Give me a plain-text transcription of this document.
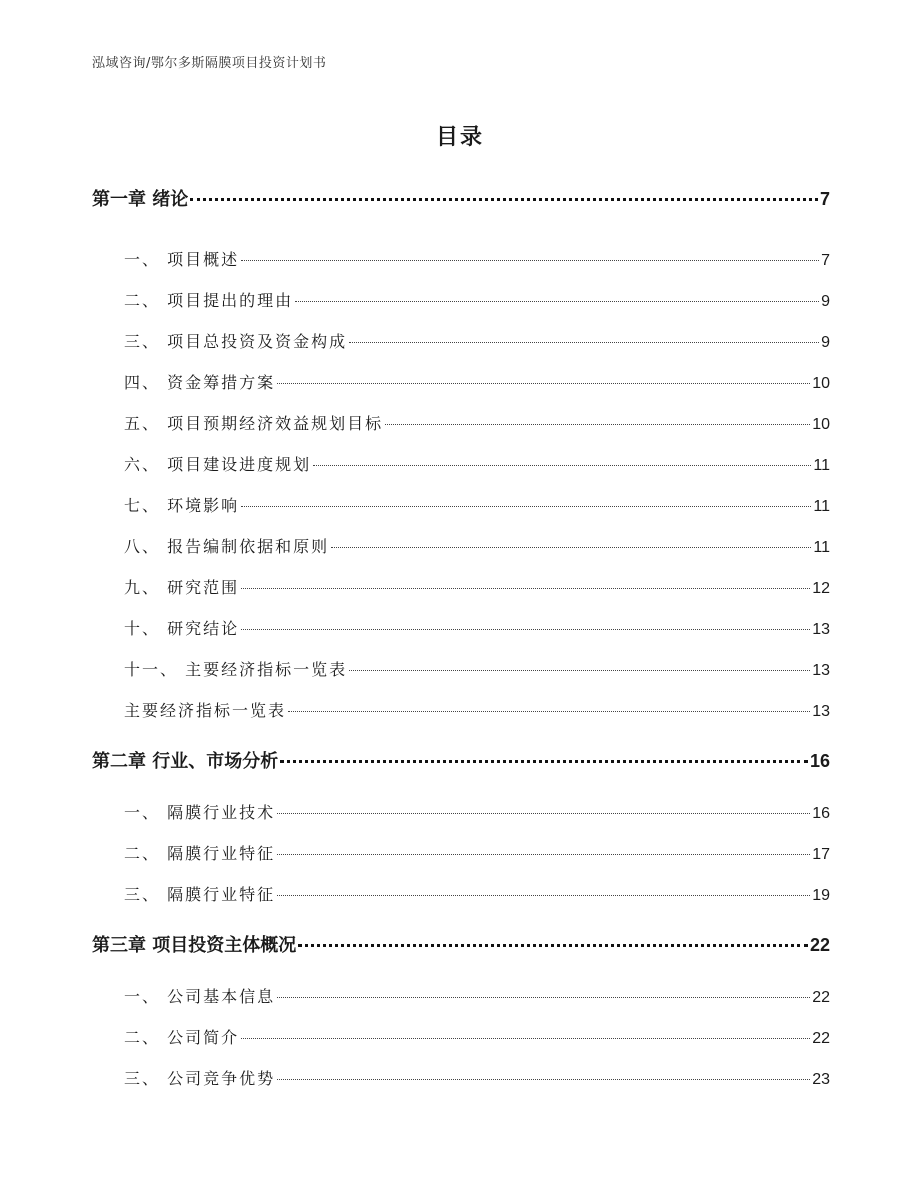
泓域咨询/鄂尔多斯隔膜项目投资计划书
目录
第一章 绪论	7
一、 项目概述	7
二、 项目提出的理由	9
三、 项目总投资及资金构成	9
四、 资金筹措方案	10
五、 项目预期经济效益规划目标	10
六、 项目建设进度规划	11
七、 环境影响	11
八、 报告编制依据和原则	11
九、 研究范围	12
十、 研究结论	13
十一、 主要经济指标一览表	13
主要经济指标一览表	13
第二章 行业、市场分析	16
一、 隔膜行业技术	16
二、 隔膜行业特征	17
三、 隔膜行业特征	19
第三章 项目投资主体概况	22
一、 公司基本信息	22
二、 公司简介	22
三、 公司竞争优势	23
